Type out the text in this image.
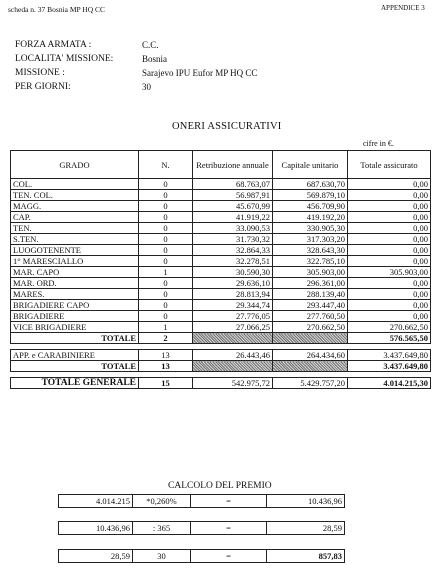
scheda n. 37 Bosnia MP HQ CC	APPENDICE 3
FORZA ARMATA :	C.C.
LOCALITA' MISSIONE:	Bosnia
MISSIONE :	Sarajevo IPU Eufor MP HQ CC
PER GIORNI:	30
ONERI ASSICURATIVI
cifre in €.
GRADO	N.	Retribuzione annuale	Capitale unitario	Totale assicurato
COL.	0	68.763,07	687.630,70	0,00
TEN. COL.	0	56.987,91	569.879,10	0,00
MAGG.	0	45.670,99	456.709,90	0,00
CAP.	0	41.919,22	419.192,20	0,00
TEN.	0	33.090,53	330.905,30	0,00
S.TEN.	0	31.730,32	317.303,20	0,00
LUOGOTENENTE	0	32.864,33	328.643,30	0,00
1° MARESCIALLO	0	32.278,51	322.785,10	0,00
MAR. CAPO	1	30.590,30	305.903,00	305.903,00
MAR. ORD.	0	29.636,10	296.361,00	0,00
MARES.	0	28.813,94	288.139,40	0,00
BRIGADIERE CAPO	0	29.344,74	293.447,40	0,00
BRIGADIERE	0	27.776,05	277.760,50	0,00
VICE BRIGADIERE	1	27.066,25	270.662,50	270.662,50
TOTALE	2			576.565,50

APP. e CARABINIERE	13	26.443,46	264.434,60	3.437.649,80
TOTALE	13			3.437.649,80

TOTALE GENERALE	15	542.975,72	5.429.757,20	4.014.215,30
CALCOLO DEL PREMIO
4.014.215	*0,260%	=	10.436,96
10.436,96	: 365	=	28,59
28,59	30	=	857,83
